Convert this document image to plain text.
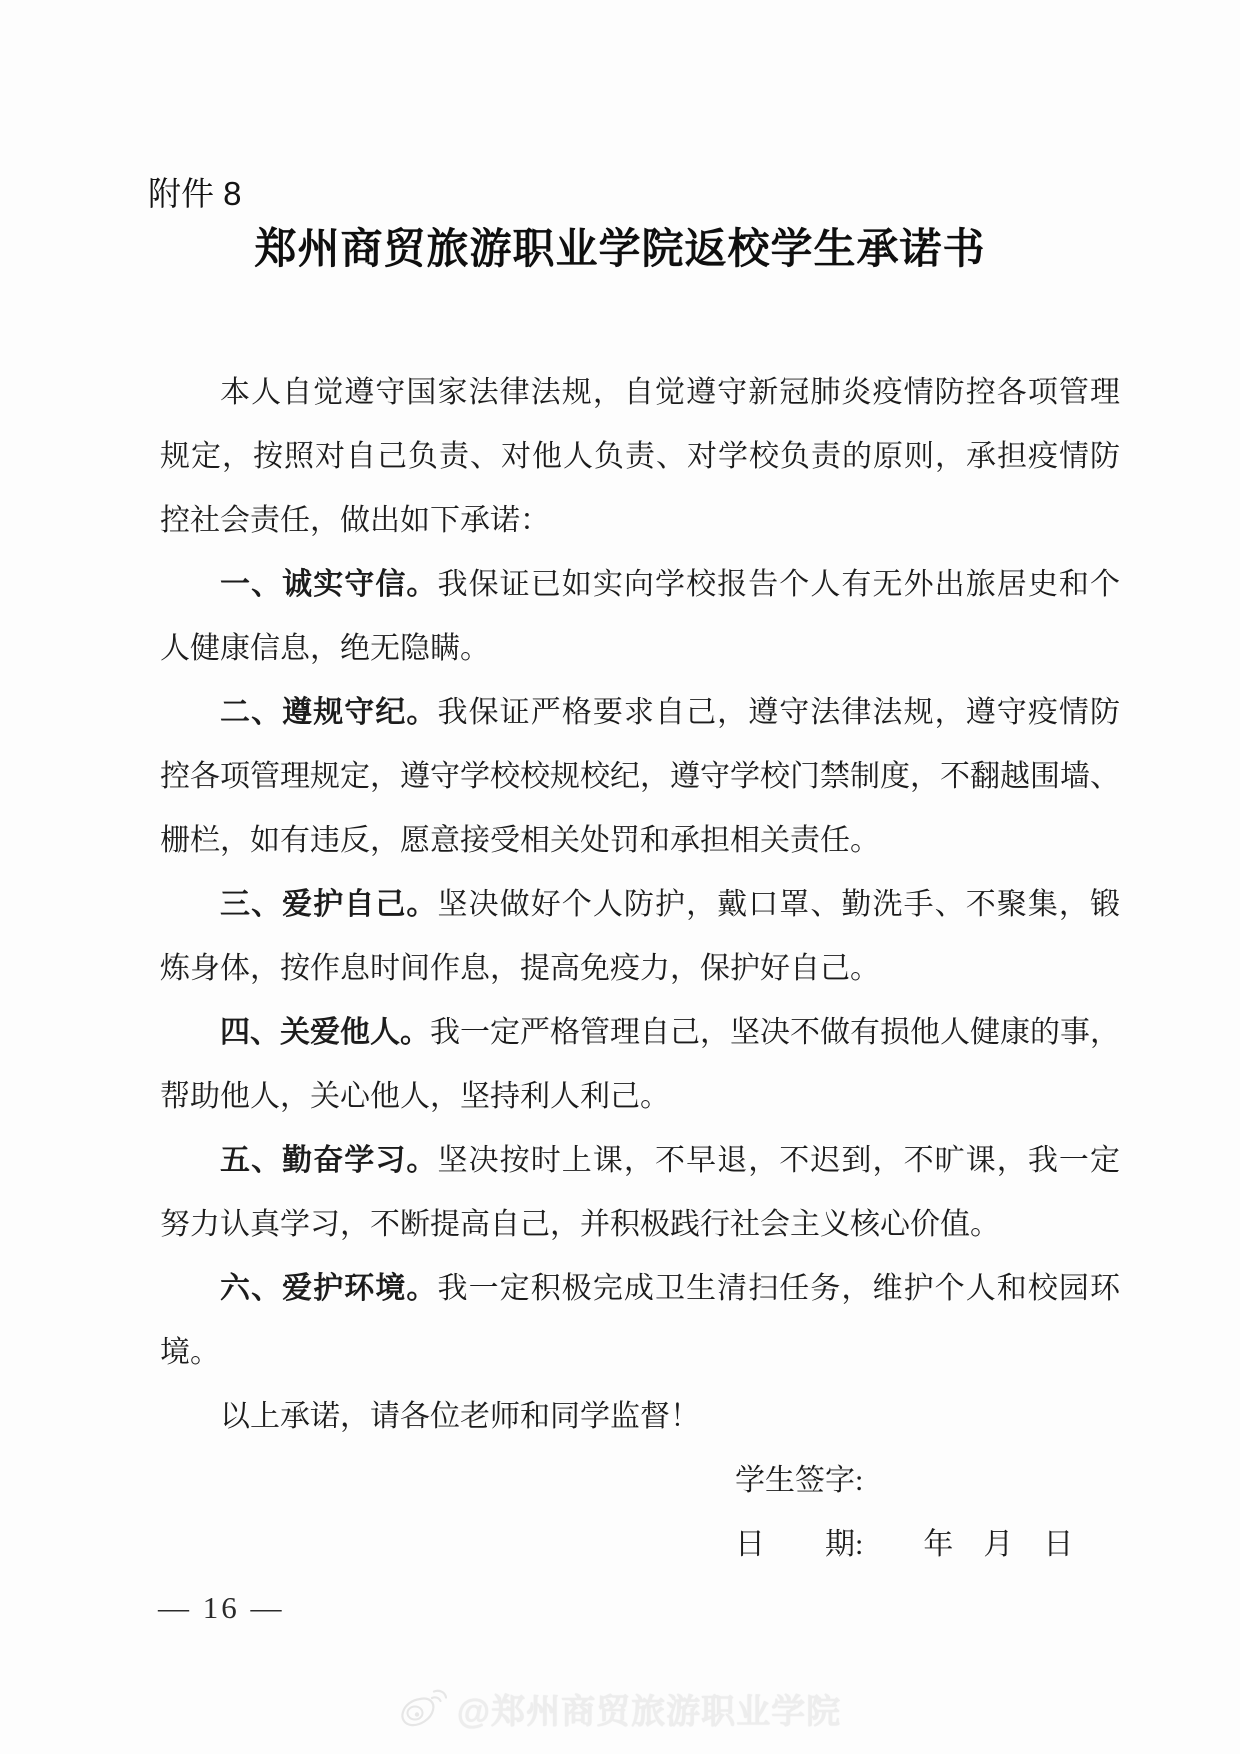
附件 8
郑州商贸旅游职业学院返校学生承诺书
本人自觉遵守国家法律法规，自觉遵守新冠肺炎疫情防控各项管理
规定，按照对自己负责、对他人负责、对学校负责的原则，承担疫情防
控社会责任，做出如下承诺：
一、诚实守信。我保证已如实向学校报告个人有无外出旅居史和个
人健康信息，绝无隐瞒。
二、遵规守纪。我保证严格要求自己，遵守法律法规，遵守疫情防
控各项管理规定，遵守学校校规校纪，遵守学校门禁制度，不翻越围墙、
栅栏，如有违反，愿意接受相关处罚和承担相关责任。
三、爱护自己。坚决做好个人防护，戴口罩、勤洗手、不聚集，锻
炼身体，按作息时间作息，提高免疫力，保护好自己。
四、关爱他人。我一定严格管理自己，坚决不做有损他人健康的事，
帮助他人，关心他人，坚持利人利己。
五、勤奋学习。坚决按时上课，不早退，不迟到，不旷课，我一定
努力认真学习，不断提高自己，并积极践行社会主义核心价值。
六、爱护环境。我一定积极完成卫生清扫任务，维护个人和校园环
境。
以上承诺，请各位老师和同学监督！
学生签字:
日　　期:　　年　月　日
— 16 —
@郑州商贸旅游职业学院
